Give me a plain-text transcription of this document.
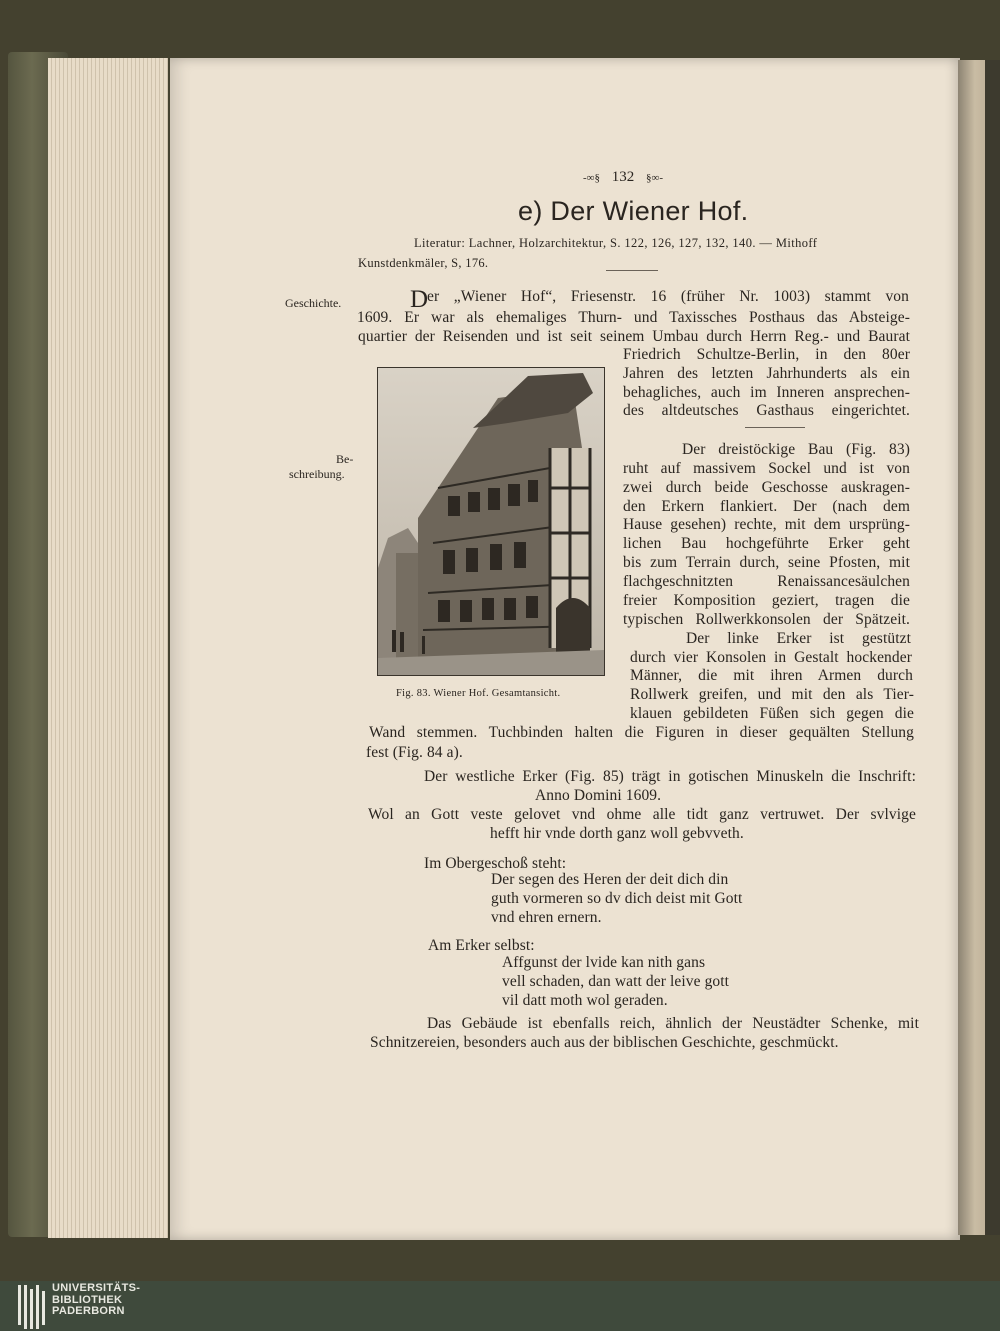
-∞§ 132 §∞-
e) Der Wiener Hof.
Literatur: Lachner, Holzarchitektur, S. 122, 126, 127, 132, 140. — Mithoff
Kunstdenkmäler, S, 176.
Geschichte.
Be-
schreibung.
D
er „Wiener Hof“, Friesenstr. 16 (früher Nr. 1003) stammt von
1609. Er war als ehemaliges Thurn- und Taxissches Posthaus das Absteige-
quartier der Reisenden und ist seit seinem Umbau durch Herrn Reg.- und Baurat
Friedrich Schultze-Berlin, in den 80er
Jahren des letzten Jahrhunderts als ein
behagliches, auch im Inneren ansprechen-
des altdeutsches Gasthaus eingerichtet.
Fig. 83. Wiener Hof. Gesamtansicht.
Der dreistöckige Bau (Fig. 83)
ruht auf massivem Sockel und ist von
zwei durch beide Geschosse auskragen-
den Erkern flankiert. Der (nach dem
Hause gesehen) rechte, mit dem ursprüng-
lichen Bau hochgeführte Erker geht
bis zum Terrain durch, seine Pfosten, mit
flachgeschnitzten Renaissancesäulchen
freier Komposition geziert, tragen die
typischen Rollwerkkonsolen der Spätzeit.
Der linke Erker ist gestützt
durch vier Konsolen in Gestalt hockender
Männer, die mit ihren Armen durch
Rollwerk greifen, und mit den als Tier-
klauen gebildeten Füßen sich gegen die
Wand stemmen. Tuchbinden halten die Figuren in dieser gequälten Stellung
fest (Fig. 84 a).
Der westliche Erker (Fig. 85) trägt in gotischen Minuskeln die Inschrift:
Anno Domini 1609.
Wol an Gott veste gelovet vnd ohme alle tidt ganz vertruwet. Der svlvige
hefft hir vnde dorth ganz woll gebvveth.
Im Obergeschoß steht:
Der segen des Heren der deit dich din
guth vormeren so dv dich deist mit Gott
vnd ehren ernern.
Am Erker selbst:
Affgunst der lvide kan nith gans
vell schaden, dan watt der leive gott
vil datt moth wol geraden.
Das Gebäude ist ebenfalls reich, ähnlich der Neustädter Schenke, mit
Schnitzereien, besonders auch aus der biblischen Geschichte, geschmückt.
UNIVERSITÄTS-
BIBLIOTHEK
PADERBORN
